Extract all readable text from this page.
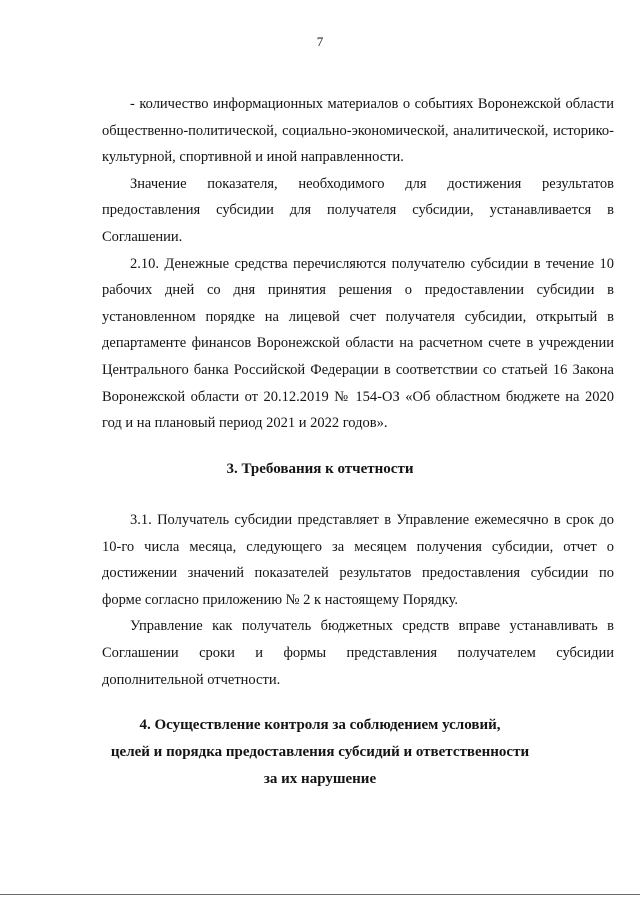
7

- количество информационных материалов о событиях Воронежской области общественно-политической, социально-экономической, аналитической, историко-культурной, спортивной и иной направленности.

Значение показателя, необходимого для достижения результатов предоставления субсидии для получателя субсидии, устанавливается в Соглашении.

2.10. Денежные средства перечисляются получателю субсидии в течение 10 рабочих дней со дня принятия решения о предоставлении субсидии в установленном порядке на лицевой счет получателя субсидии, открытый в департаменте финансов Воронежской области на расчетном счете в учреждении Центрального банка Российской Федерации в соответствии со статьей 16 Закона Воронежской области от 20.12.2019 № 154-ОЗ «Об областном бюджете на 2020 год и на плановый период 2021 и 2022 годов».

3. Требования к отчетности

3.1. Получатель субсидии представляет в Управление ежемесячно в срок до 10-го числа месяца, следующего за месяцем получения субсидии, отчет о достижении значений показателей результатов предоставления субсидии по форме согласно приложению № 2 к настоящему Порядку.

Управление как получатель бюджетных средств вправе устанавливать в Соглашении сроки и формы представления получателем субсидии дополнительной отчетности.

4. Осуществление контроля за соблюдением условий,
целей и порядка предоставления субсидий и ответственности
за их нарушение
